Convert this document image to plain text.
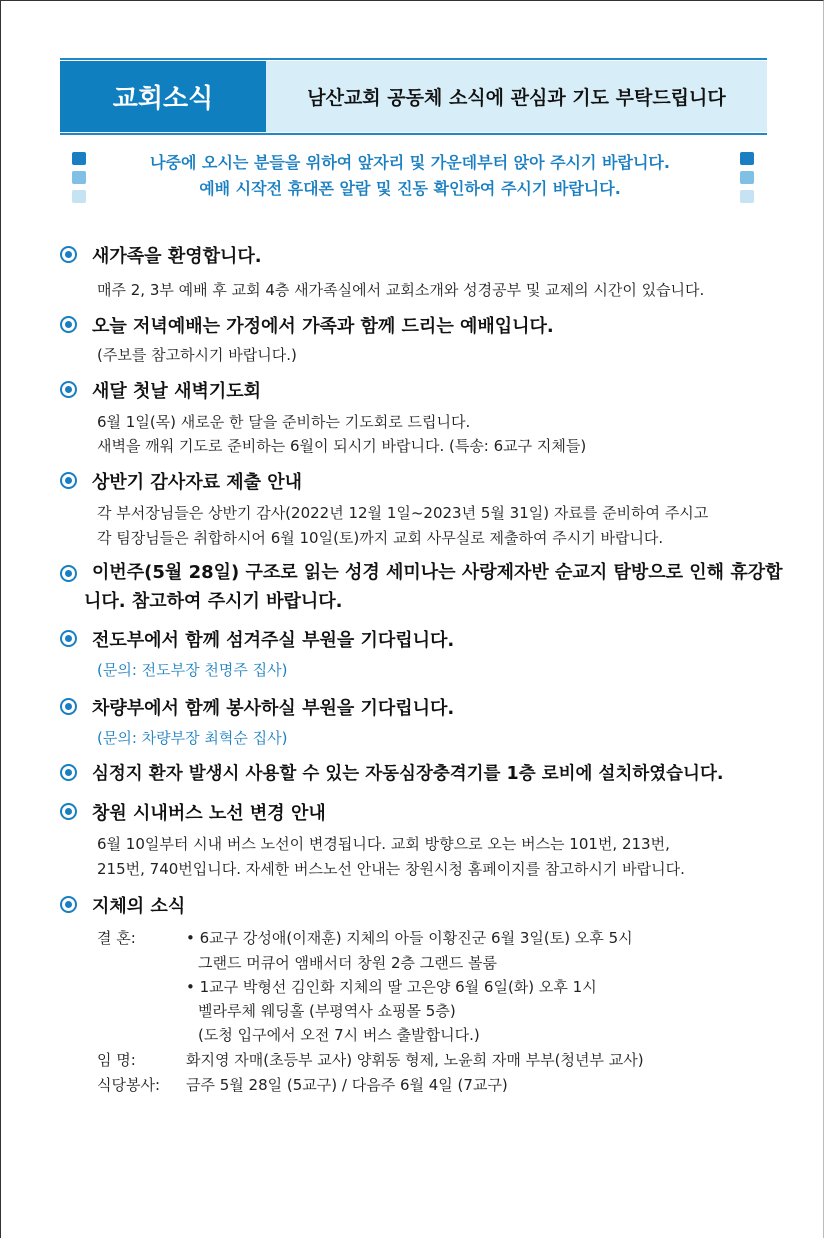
교회소식	남산교회 공동체 소식에 관심과 기도 부탁드립니다
나중에 오시는 분들을 위하여 앞자리 및 가운데부터 앉아 주시기 바랍니다.
예배 시작전 휴대폰 알람 및 진동 확인하여 주시기 바랍니다.
새가족을 환영합니다.
매주 2, 3부 예배 후 교회 4층 새가족실에서 교회소개와 성경공부 및 교제의 시간이 있습니다.
오늘 저녁예배는 가정에서 가족과 함께 드리는 예배입니다.
(주보를 참고하시기 바랍니다.)
새달 첫날 새벽기도회
6월 1일(목) 새로운 한 달을 준비하는 기도회로 드립니다.
새벽을 깨워 기도로 준비하는 6월이 되시기 바랍니다. (특송: 6교구 지체들)
상반기 감사자료 제출 안내
각 부서장님들은 상반기 감사(2022년 12월 1일~2023년 5월 31일) 자료를 준비하여 주시고
각 팀장님들은 취합하시어 6월 10일(토)까지 교회 사무실로 제출하여 주시기 바랍니다.
이번주(5월 28일) 구조로 읽는 성경 세미나는 사랑제자반 순교지 탐방으로 인해 휴강합니다. 참고하여 주시기 바랍니다.
전도부에서 함께 섬겨주실 부원을 기다립니다.
(문의: 전도부장 천명주 집사)
차량부에서 함께 봉사하실 부원을 기다립니다.
(문의: 차량부장 최혁순 집사)
심정지 환자 발생시 사용할 수 있는 자동심장충격기를 1층 로비에 설치하였습니다.
창원 시내버스 노선 변경 안내
6월 10일부터 시내 버스 노선이 변경됩니다. 교회 방향으로 오는 버스는 101번, 213번,
215번, 740번입니다. 자세한 버스노선 안내는 창원시청 홈페이지를 참고하시기 바랍니다.
지체의 소식
결 혼:	• 6교구 강성애(이재훈) 지체의 아들 이황진군 6월 3일(토) 오후 5시
그랜드 머큐어 앰배서더 창원 2층 그랜드 볼룸
• 1교구 박형선 김인화 지체의 딸 고은양 6월 6일(화) 오후 1시
벨라루체 웨딩홀 (부평역사 쇼핑몰 5층)
(도청 입구에서 오전 7시 버스 출발합니다.)
임 명:	화지영 자매(초등부 교사) 양휘동 형제, 노윤희 자매 부부(청년부 교사)
식당봉사: 금주 5월 28일 (5교구) / 다음주 6월 4일 (7교구)
